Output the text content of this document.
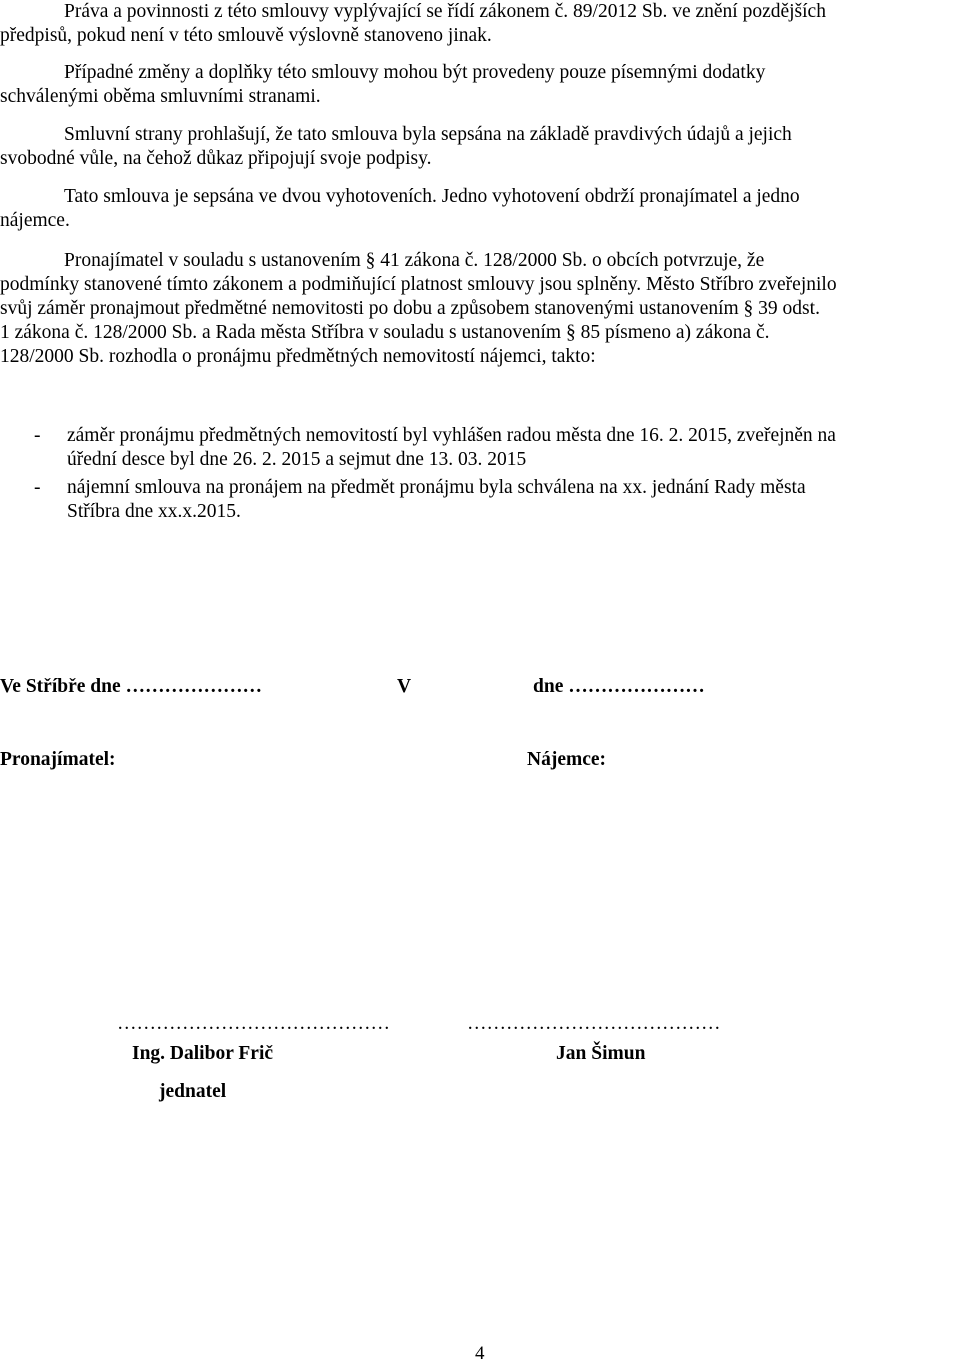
Práva a povinnosti z této smlouvy vyplývající se řídí zákonem č. 89/2012 Sb. ve znění pozdějších
předpisů, pokud není v této smlouvě výslovně stanoveno jinak.

Případné změny a doplňky této smlouvy mohou být provedeny pouze písemnými dodatky
schválenými oběma smluvními stranami.

Smluvní strany prohlašují, že tato smlouva byla sepsána na základě pravdivých údajů a jejich
svobodné vůle, na čehož důkaz připojují svoje podpisy.

Tato smlouva je sepsána ve dvou vyhotoveních. Jedno vyhotovení obdrží pronajímatel a jedno
nájemce.

Pronajímatel v souladu s ustanovením § 41 zákona č. 128/2000 Sb. o obcích potvrzuje, že
podmínky stanovené tímto zákonem a podmiňující platnost smlouvy jsou splněny. Město Stříbro zveřejnilo
svůj záměr pronajmout předmětné nemovitosti po dobu a způsobem stanovenými ustanovením § 39 odst.
1 zákona č. 128/2000 Sb. a Rada města Stříbra v souladu s ustanovením § 85 písmeno a) zákona č.
128/2000 Sb. rozhodla o pronájmu předmětných nemovitostí nájemci, takto:

- záměr pronájmu předmětných nemovitostí byl vyhlášen radou města dne 16. 2. 2015, zveřejněn na
úřední desce byl dne 26. 2. 2015 a sejmut dne 13. 03. 2015
- nájemní smlouva na pronájem na předmět pronájmu byla schválena na xx. jednání Rady města
Stříbra dne xx.x.2015.
Ve Stříbře dne …………………	V	dne …………………
Pronajímatel:	Nájemce:
……………………………………	…………………………………
Ing. Dalibor Frič	Jan Šimun
jednatel
4
